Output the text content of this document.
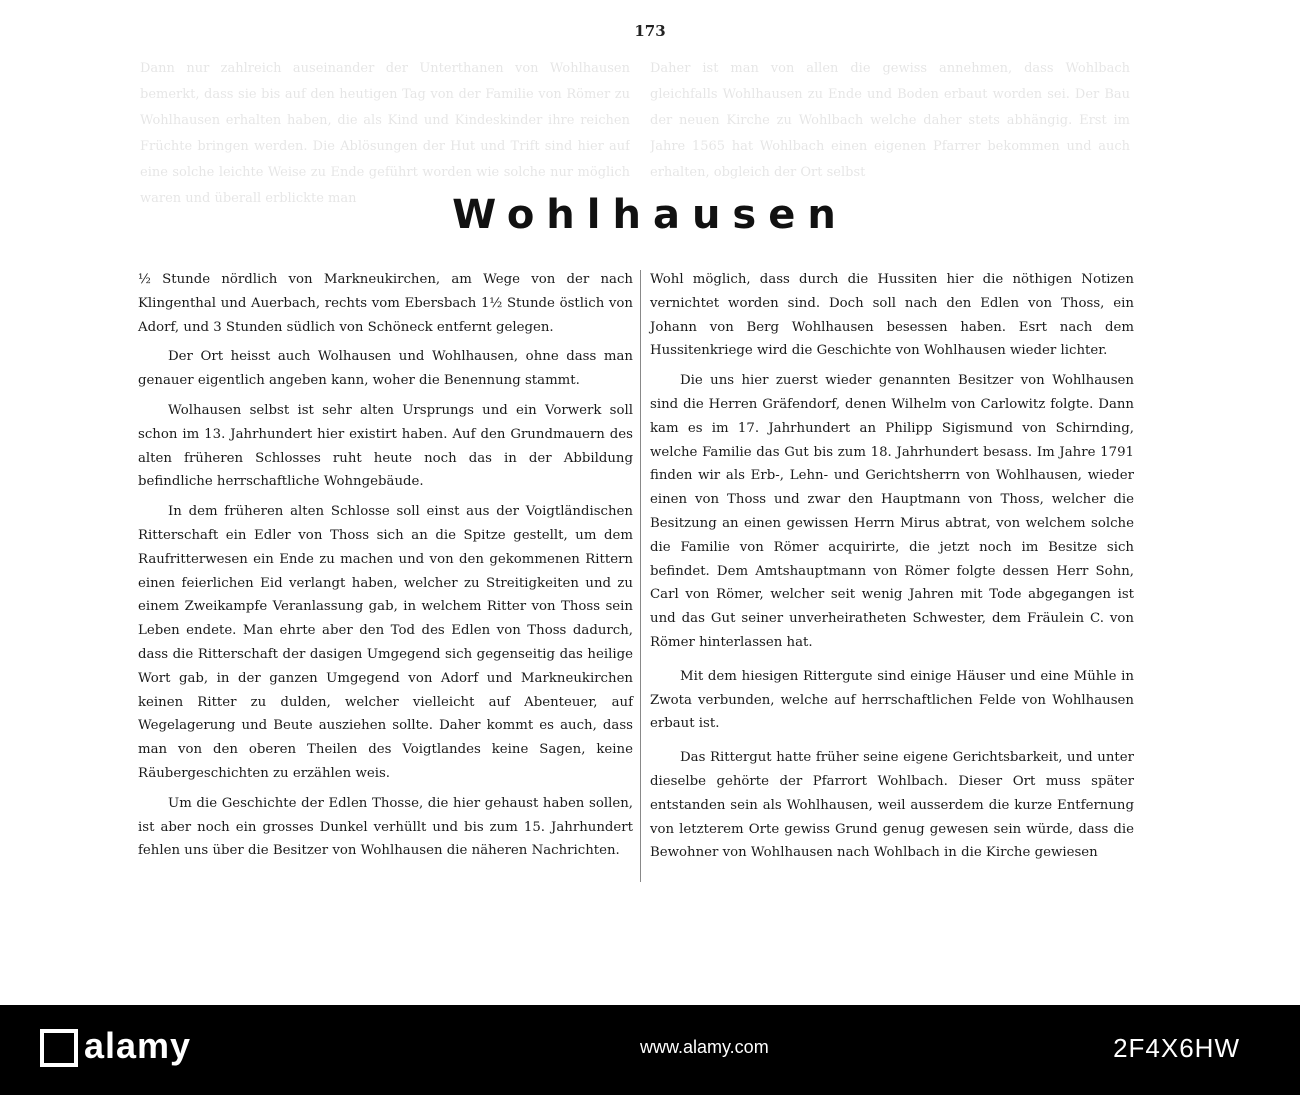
173
Dann nur zahlreich auseinander der Unterthanen von Wohlhausen bemerkt, dass sie bis auf den heutigen Tag von der Familie von Römer zu Wohlhausen erhalten haben, die als Kind und Kindeskinder ihre reichen Früchte bringen werden. Die Ablösungen der Hut und Trift sind hier auf eine solche leichte Weise zu Ende geführt worden wie solche nur möglich waren und überall erblickte man
Daher ist man von allen die gewiss annehmen, dass Wohlbach gleichfalls Wohlhausen zu Ende und Boden erbaut worden sei. Der Bau der neuen Kirche zu Wohlbach welche daher stets abhängig. Erst im Jahre 1565 hat Wohlbach einen eigenen Pfarrer bekommen und auch erhalten, obgleich der Ort selbst
Wohlhausen

½ Stunde nördlich von Markneukirchen, am Wege von der nach Klingenthal und Auerbach, rechts vom Ebersbach 1½ Stunde östlich von Adorf, und 3 Stunden südlich von Schöneck entfernt gelegen.

Der Ort heisst auch Wolhausen und Wohlhausen, ohne dass man genauer eigentlich angeben kann, woher die Benennung stammt.

Wolhausen selbst ist sehr alten Ursprungs und ein Vorwerk soll schon im 13. Jahrhundert hier existirt haben. Auf den Grundmauern des alten früheren Schlosses ruht heute noch das in der Abbildung befindliche herrschaftliche Wohngebäude.

In dem früheren alten Schlosse soll einst aus der Voigtländischen Ritterschaft ein Edler von Thoss sich an die Spitze gestellt, um dem Raufritterwesen ein Ende zu machen und von den gekommenen Rittern einen feierlichen Eid verlangt haben, welcher zu Streitigkeiten und zu einem Zweikampfe Veranlassung gab, in welchem Ritter von Thoss sein Leben endete. Man ehrte aber den Tod des Edlen von Thoss dadurch, dass die Ritterschaft der dasigen Umgegend sich gegenseitig das heilige Wort gab, in der ganzen Umgegend von Adorf und Markneukirchen keinen Ritter zu dulden, welcher vielleicht auf Abenteuer, auf Wegelagerung und Beute ausziehen sollte. Daher kommt es auch, dass man von den oberen Theilen des Voigtlandes keine Sagen, keine Räubergeschichten zu erzählen weis.

Um die Geschichte der Edlen Thosse, die hier gehaust haben sollen, ist aber noch ein grosses Dunkel verhüllt und bis zum 15. Jahrhundert fehlen uns über die Besitzer von Wohlhausen die näheren Nachrichten.

Wohl möglich, dass durch die Hussiten hier die nöthigen Notizen vernichtet worden sind. Doch soll nach den Edlen von Thoss, ein Johann von Berg Wohlhausen besessen haben. Esrt nach dem Hussitenkriege wird die Geschichte von Wohlhausen wieder lichter.

Die uns hier zuerst wieder genannten Besitzer von Wohlhausen sind die Herren Gräfendorf, denen Wilhelm von Carlowitz folgte. Dann kam es im 17. Jahrhundert an Philipp Sigismund von Schirnding, welche Familie das Gut bis zum 18. Jahrhundert besass. Im Jahre 1791 finden wir als Erb-, Lehn- und Gerichtsherrn von Wohlhausen, wieder einen von Thoss und zwar den Hauptmann von Thoss, welcher die Besitzung an einen gewissen Herrn Mirus abtrat, von welchem solche die Familie von Römer acquirirte, die jetzt noch im Besitze sich befindet. Dem Amtshauptmann von Römer folgte dessen Herr Sohn, Carl von Römer, welcher seit wenig Jahren mit Tode abgegangen ist und das Gut seiner unverheiratheten Schwester, dem Fräulein C. von Römer hinterlassen hat.

Mit dem hiesigen Rittergute sind einige Häuser und eine Mühle in Zwota verbunden, welche auf herrschaftlichen Felde von Wohlhausen erbaut ist.

Das Rittergut hatte früher seine eigene Gerichtsbarkeit, und unter dieselbe gehörte der Pfarrort Wohlbach. Dieser Ort muss später entstanden sein als Wohlhausen, weil ausserdem die kurze Entfernung von letzterem Orte gewiss Grund genug gewesen sein würde, dass die Bewohner von Wohlhausen nach Wohlbach in die Kirche gewiesen

alamy	www.alamy.com	2F4X6HW
